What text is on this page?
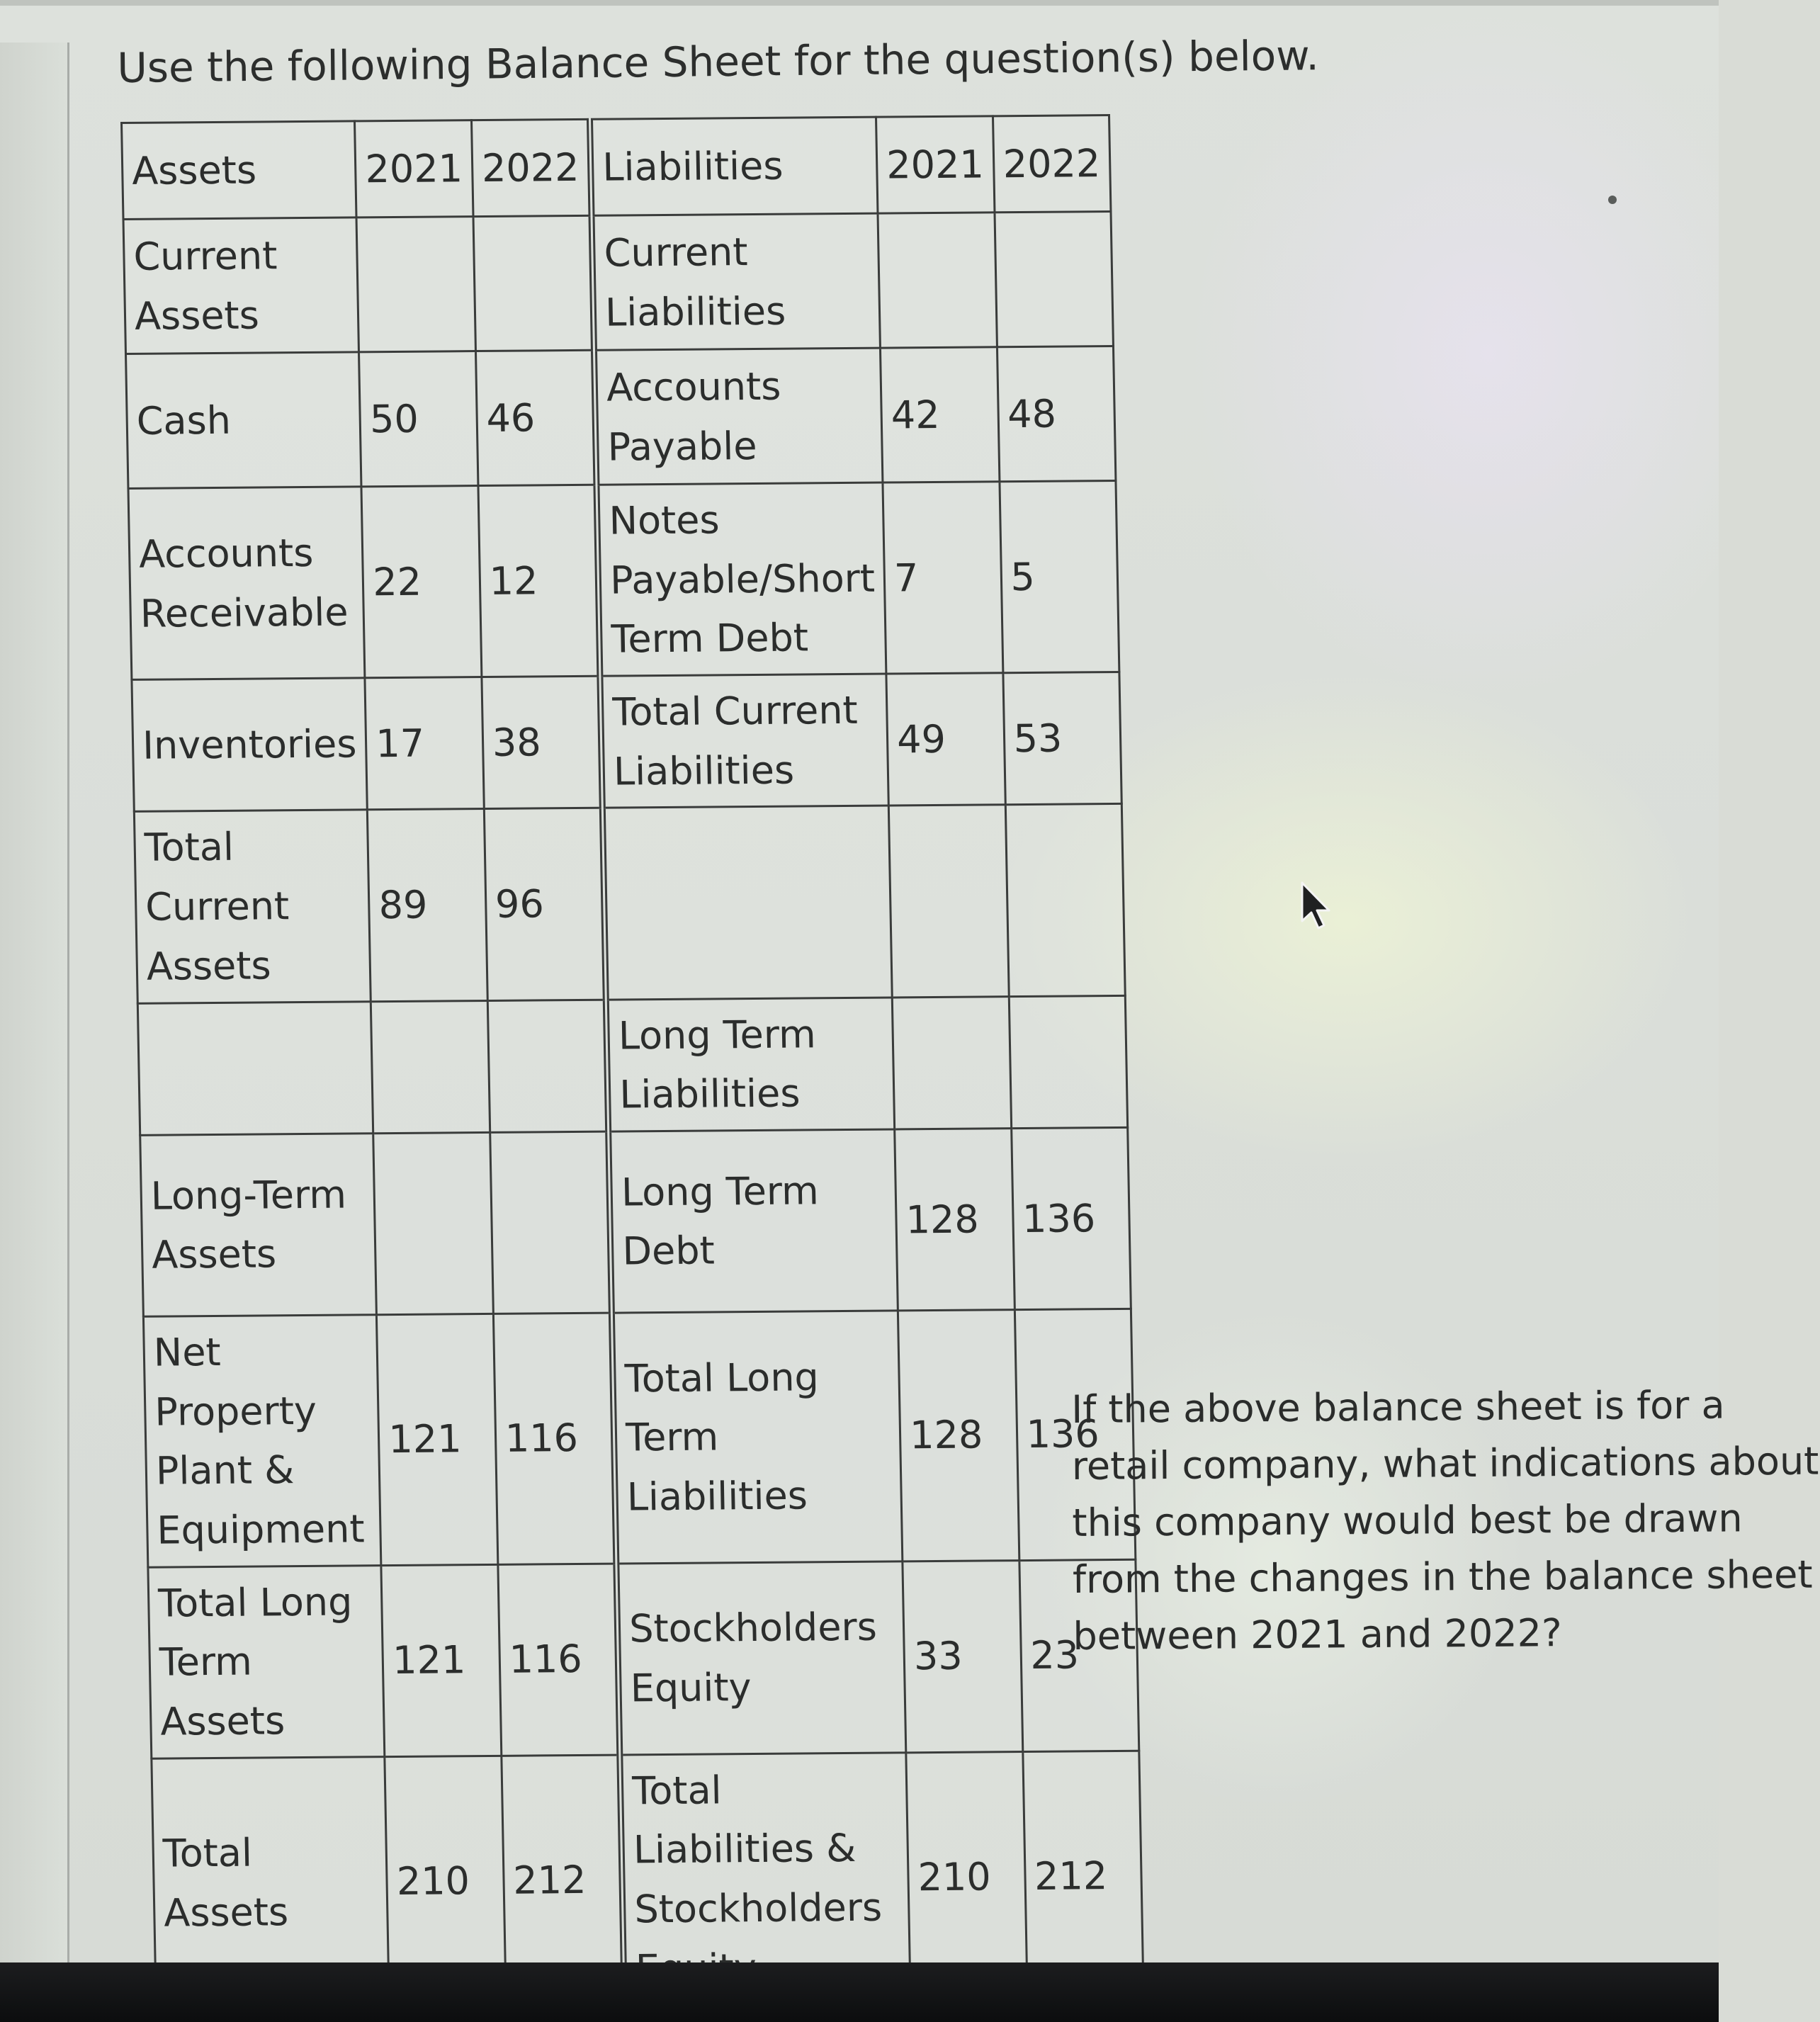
Use the following Balance Sheet for the question(s) below.
Assets	2021	2022	Liabilities	2021	2022
Current Assets			Current Liabilities		
Cash	50	46	Accounts Payable	42	48
Accounts Receivable	22	12	Notes Payable/Short Term Debt	7	5
Inventories	17	38	Total Current Liabilities	49	53
Total Current Assets	89	96			
			Long Term Liabilities		
Long-Term Assets			Long Term Debt	128	136
Net Property Plant & Equipment	121	116	Total Long Term Liabilities	128	136
Total Long Term Assets	121	116	Stockholders Equity	33	23
Total Assets	210	212	Total Liabilities & Stockholders	210	212
If the above balance sheet is for a
retail company, what indications about
this company would best be drawn
from the changes in the balance sheet
between 2021 and 2022?
